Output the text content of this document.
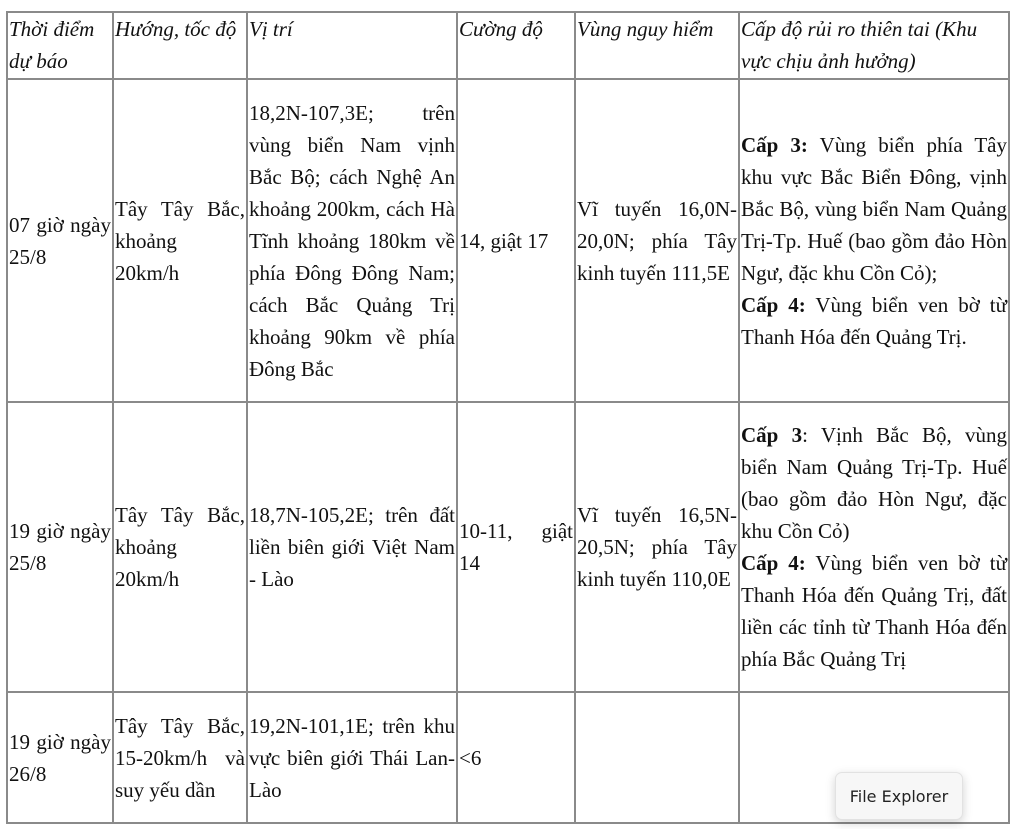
Thời điểm dự báo	Hướng, tốc độ	Vị trí	Cường độ	Vùng nguy hiểm	Cấp độ rủi ro thiên tai (Khu vực chịu ảnh hưởng)
07 giờ ngày 25/8	Tây Tây Bắc, khoảng 20km/h	18,2N-107,3E; trên vùng biển Nam vịnh Bắc Bộ; cách Nghệ An khoảng 200km, cách Hà Tĩnh khoảng 180km về phía Đông Đông Nam; cách Bắc Quảng Trị khoảng 90km về phía Đông Bắc	14, giật 17	Vĩ tuyến 16,0N-20,0N; phía Tây kinh tuyến 111,5E	Cấp 3: Vùng biển phía Tây khu vực Bắc Biển Đông, vịnh Bắc Bộ, vùng biển Nam Quảng Trị-Tp. Huế (bao gồm đảo Hòn Ngư, đặc khu Cồn Cỏ);
Cấp 4: Vùng biển ven bờ từ Thanh Hóa đến Quảng Trị.

19 giờ ngày 25/8	Tây Tây Bắc, khoảng 20km/h	18,7N-105,2E; trên đất liền biên giới Việt Nam - Lào	10-11, giật 14	Vĩ tuyến 16,5N-20,5N; phía Tây kinh tuyến 110,0E	Cấp 3: Vịnh Bắc Bộ, vùng biển Nam Quảng Trị-Tp. Huế (bao gồm đảo Hòn Ngư, đặc khu Cồn Cỏ)
Cấp 4: Vùng biển ven bờ từ Thanh Hóa đến Quảng Trị, đất liền các tỉnh từ Thanh Hóa đến phía Bắc Quảng Trị

19 giờ ngày 26/8	Tây Tây Bắc, 15-20km/h và suy yếu dần	19,2N-101,1E; trên khu vực biên giới Thái Lan-Lào	<6		
File Explorer
